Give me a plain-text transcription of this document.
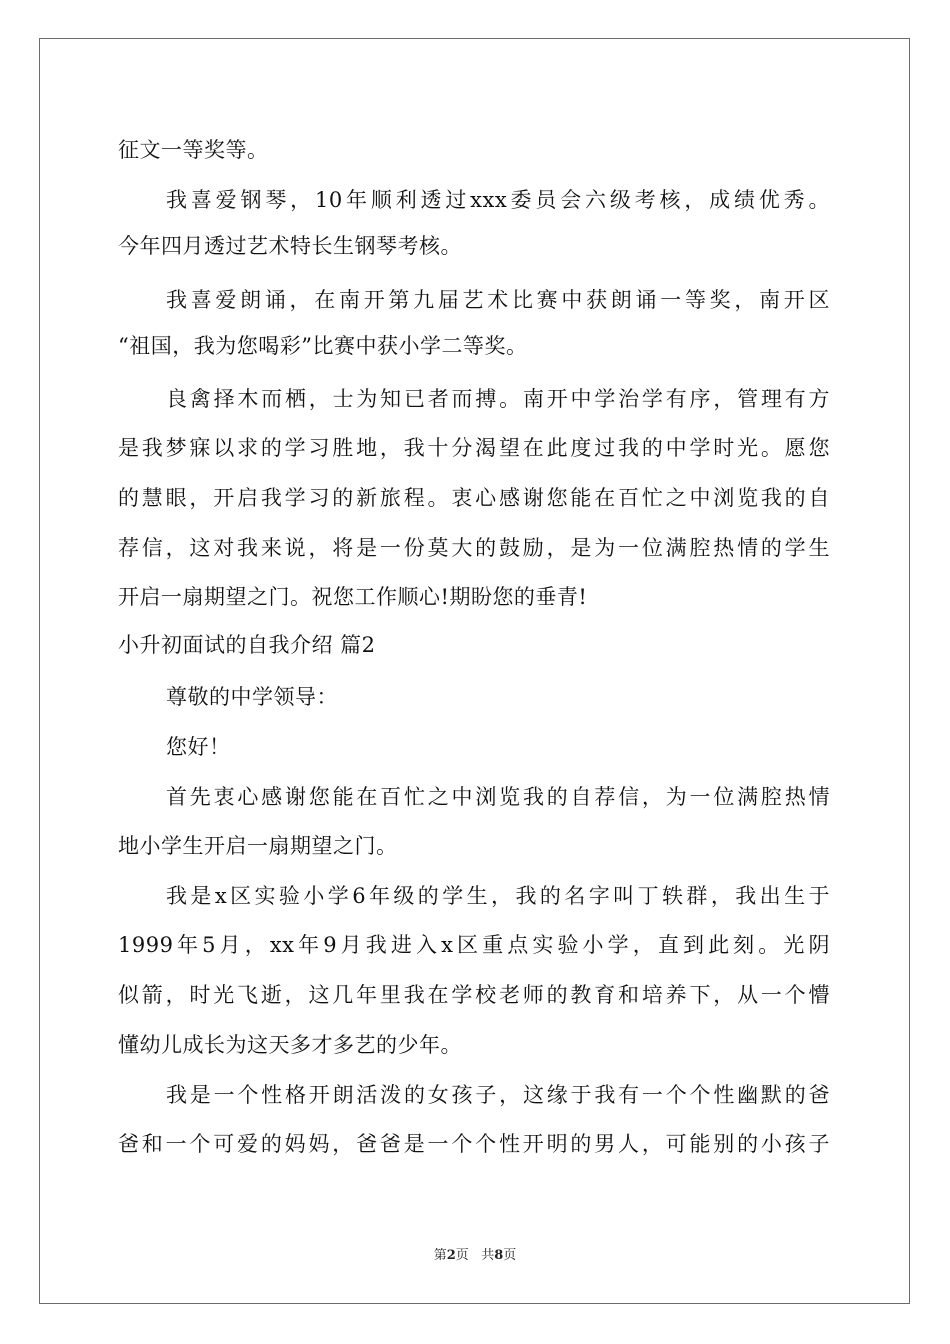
征文一等奖等。
我喜爱钢琴，10年顺利透过xxx委员会六级考核，成绩优秀。
今年四月透过艺术特长生钢琴考核。
我喜爱朗诵，在南开第九届艺术比赛中获朗诵一等奖，南开区
“祖国，我为您喝彩”比赛中获小学二等奖。
良禽择木而栖，士为知已者而搏。南开中学治学有序，管理有方
是我梦寐以求的学习胜地，我十分渴望在此度过我的中学时光。愿您
的慧眼，开启我学习的新旅程。衷心感谢您能在百忙之中浏览我的自
荐信，这对我来说，将是一份莫大的鼓励，是为一位满腔热情的学生
开启一扇期望之门。祝您工作顺心!期盼您的垂青!
小升初面试的自我介绍 篇2
尊敬的中学领导：
您好！
首先衷心感谢您能在百忙之中浏览我的自荐信，为一位满腔热情
地小学生开启一扇期望之门。
我是x区实验小学6年级的学生，我的名字叫丁轶群，我出生于
1999年5月，xx年9月我进入x区重点实验小学，直到此刻。光阴
似箭，时光飞逝，这几年里我在学校老师的教育和培养下，从一个懵
懂幼儿成长为这天多才多艺的少年。
我是一个性格开朗活泼的女孩子，这缘于我有一个个性幽默的爸
爸和一个可爱的妈妈，爸爸是一个个性开明的男人，可能别的小孩子
第2页 共8页
